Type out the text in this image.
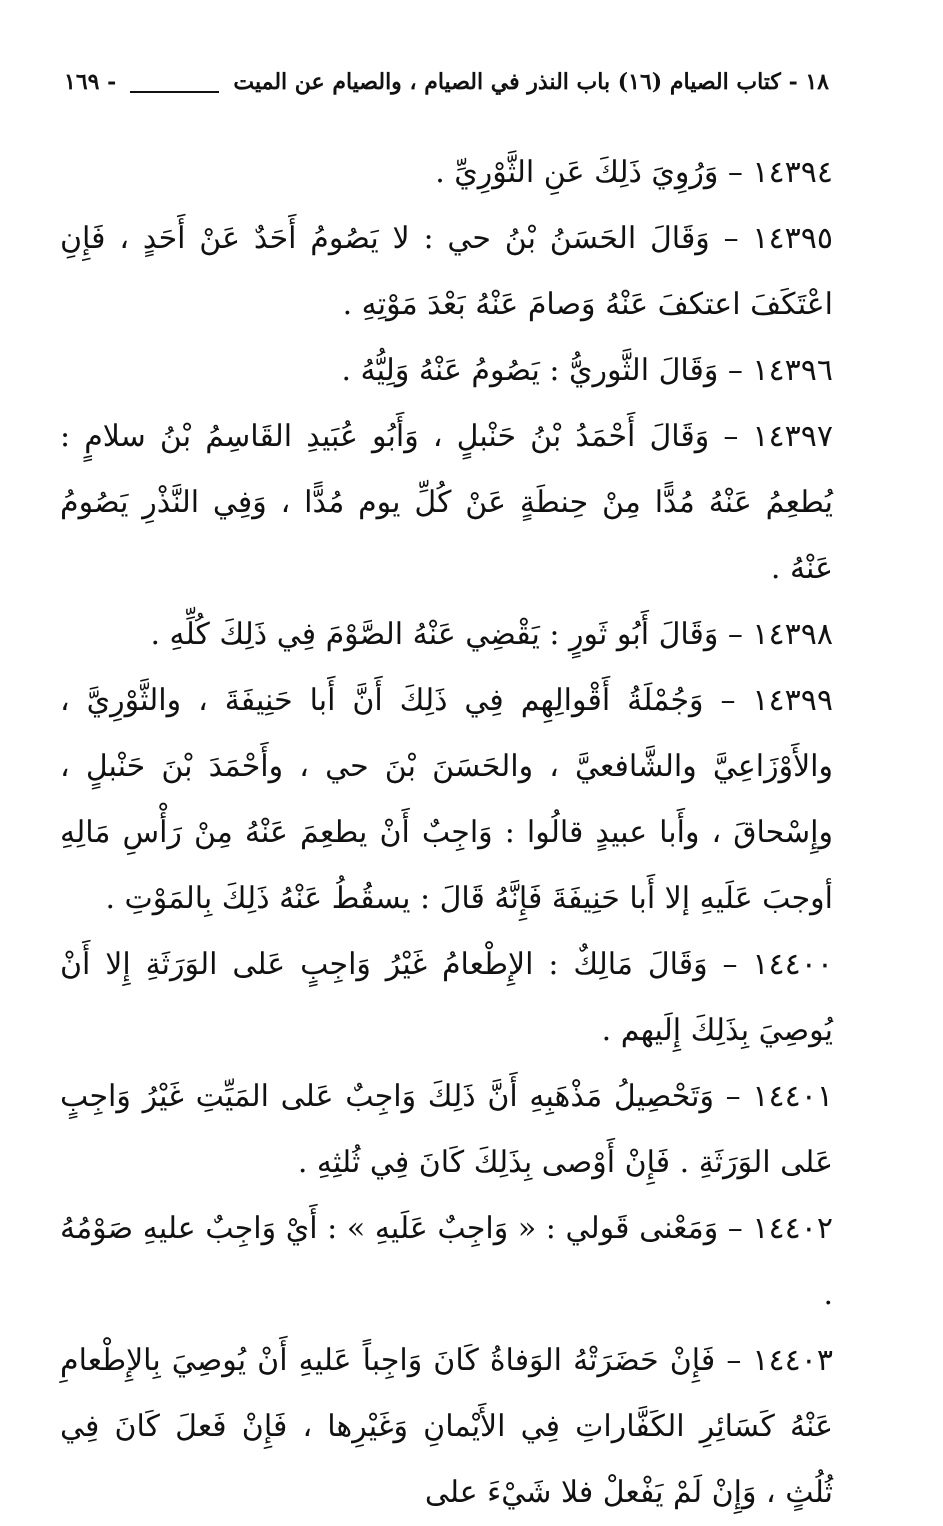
١٨ - كتاب الصيام (١٦) باب النذر في الصيام ، والصيام عن الميت
- ١٦٩

١٤٣٩٤ – وَرُوِيَ ذَلِكَ عَنِ الثَّوْرِيِّ .

١٤٣٩٥ – وَقَالَ الحَسَنُ بْنُ حي : لا يَصُومُ أَحَدٌ عَنْ أَحَدٍ ، فَإِنِ اعْتَكَفَ اعتكفَ عَنْهُ وَصامَ عَنْهُ بَعْدَ مَوْتِهِ .

١٤٣٩٦ – وَقَالَ الثَّوريُّ : يَصُومُ عَنْهُ وَلِيُّهُ .

١٤٣٩٧ – وَقَالَ أَحْمَدُ بْنُ حَنْبلٍ ، وَأَبُو عُبَيدِ القَاسِمُ بْنُ سلامٍ : يُطعِمُ عَنْهُ مُدًّا مِنْ حِنطَةٍ عَنْ كُلِّ يوم مُدًّا ، وَفِي النَّذْرِ يَصُومُ عَنْهُ .

١٤٣٩٨ – وَقَالَ أَبُو ثَورٍ : يَقْضِي عَنْهُ الصَّوْمَ فِي ذَلِكَ كُلِّهِ .

١٤٣٩٩ – وَجُمْلَةُ أَقْوالِهِم فِي ذَلِكَ أَنَّ أَبا حَنِيفَةَ ، والثَّوْرِيَّ ، والأَوْزَاعِيَّ والشَّافعيَّ ، والحَسَنَ بْنَ حي ، وأَحْمَدَ بْنَ حَنْبلٍ ، وإِسْحاقَ ، وأَبا عبيدٍ قالُوا : وَاجِبٌ أَنْ يطعِمَ عَنْهُ مِنْ رَأْسِ مَالِهِ أوجبَ عَلَيهِ إلا أَبا حَنِيفَةَ فَإِنَّهُ قَالَ : يسقُطُ عَنْهُ ذَلِكَ بِالمَوْتِ .

١٤٤٠٠ – وَقَالَ مَالِكٌ : الإِطْعامُ غَيْرُ وَاجِبٍ عَلى الوَرَثَةِ إِلا أَنْ يُوصِيَ بِذَلِكَ إِلَيهم .

١٤٤٠١ – وَتَحْصِيلُ مَذْهَبِهِ أَنَّ ذَلِكَ وَاجِبٌ عَلى المَيِّتِ غَيْرُ وَاجِبٍ عَلى الوَرَثَةِ . فَإِنْ أَوْصى بِذَلِكَ كَانَ فِي ثُلثِهِ .

١٤٤٠٢ – وَمَعْنى قَولي : « وَاجِبٌ عَلَيهِ » : أَيْ وَاجِبٌ عليهِ صَوْمُهُ .

١٤٤٠٣ – فَإِنْ حَضَرَتْهُ الوَفاةُ كَانَ وَاجِباً عَليهِ أَنْ يُوصِيَ بِالإِطْعامِ عَنْهُ كَسَائِرِ الكَفَّاراتِ فِي الأَيْمانِ وَغَيْرِها ، فَإِنْ فَعلَ كَانَ فِي ثُلُثٍ ، وَإِنْ لَمْ يَفْعلْ فلا شَيْءَ على
